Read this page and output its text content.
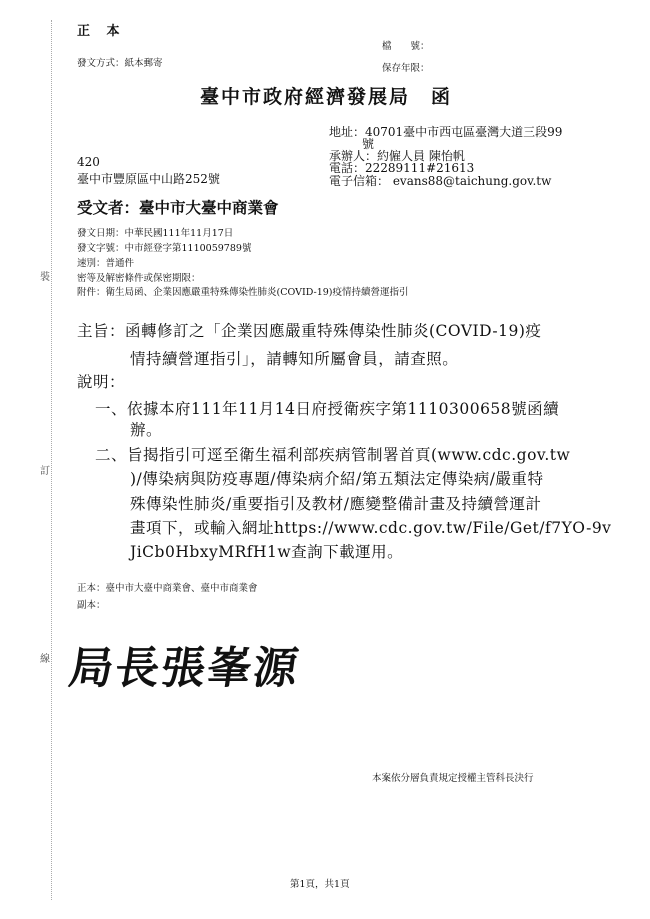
裝
訂
線
正 本
檔　　號：
保存年限：
發文方式：紙本郵寄
臺中市政府經濟發展局　函
地址：40701臺中市西屯區臺灣大道三段99
號
承辦人：約僱人員 陳怡帆
電話：22289111#21613
電子信箱： evans88@taichung.gov.tw
420
臺中市豐原區中山路252號
受文者：臺中市大臺中商業會
發文日期：中華民國111年11月17日
發文字號：中市經登字第1110059789號
速別：普通件
密等及解密條件或保密期限：
附件：衛生局函、企業因應嚴重特殊傳染性肺炎(COVID-19)疫情持續營運指引
主旨：函轉修訂之「企業因應嚴重特殊傳染性肺炎(COVID-19)疫
情持續營運指引」，請轉知所屬會員，請查照。
說明：
一、依據本府111年11月14日府授衛疾字第1110300658號函續
辦。
二、旨揭指引可逕至衛生福利部疾病管制署首頁(www.cdc.gov.tw
)/傳染病與防疫專題/傳染病介紹/第五類法定傳染病/嚴重特
殊傳染性肺炎/重要指引及教材/應變整備計畫及持續營運計
畫項下，或輸入網址https://www.cdc.gov.tw/File/Get/f7YO-9v
JiCb0HbxyMRfH1w查詢下載運用。
正本：臺中市大臺中商業會、臺中市商業會
副本：
局長張峯源
本案依分層負責規定授權主管科長決行
第1頁，共1頁
